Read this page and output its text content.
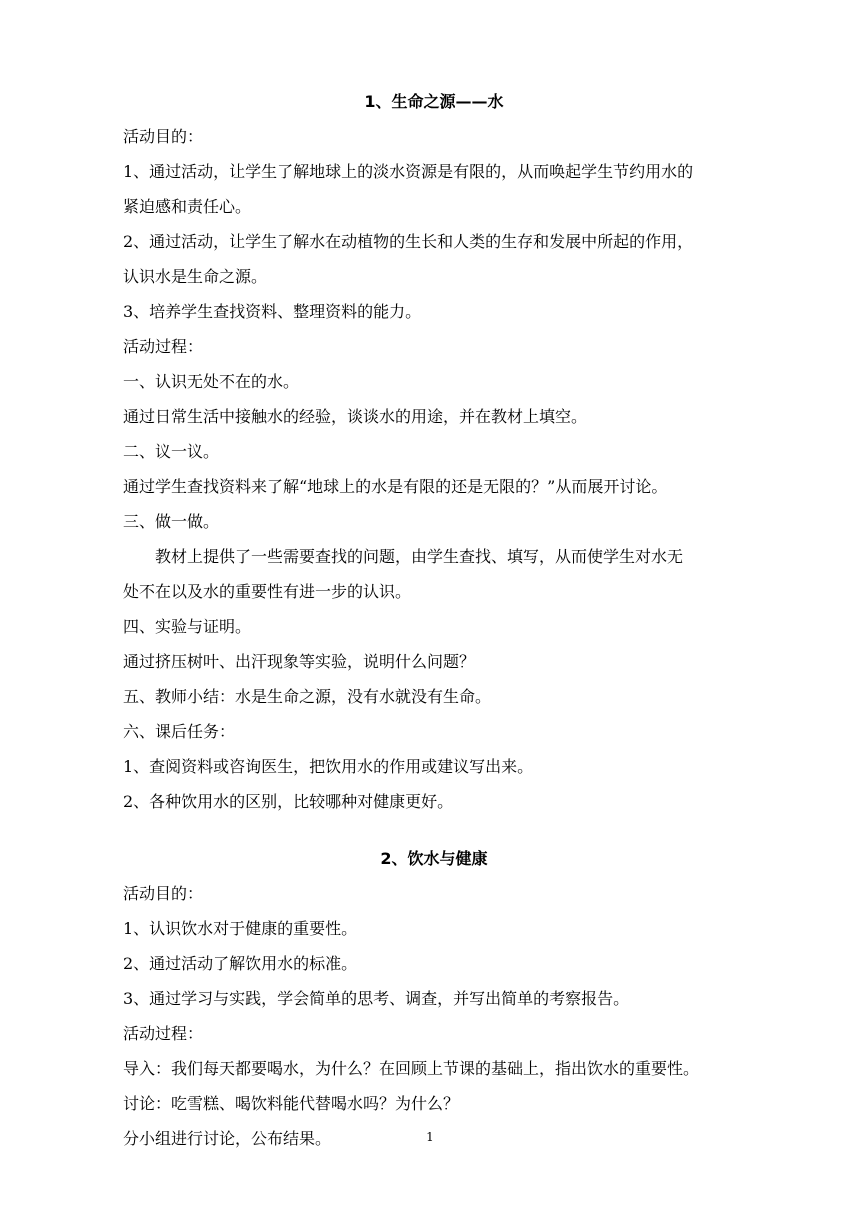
1、生命之源——水
活动目的：
1、通过活动，让学生了解地球上的淡水资源是有限的，从而唤起学生节约用水的
紧迫感和责任心。
2、通过活动，让学生了解水在动植物的生长和人类的生存和发展中所起的作用，
认识水是生命之源。
3、培养学生查找资料、整理资料的能力。
活动过程：
一、认识无处不在的水。
通过日常生活中接触水的经验，谈谈水的用途，并在教材上填空。
二、议一议。
通过学生查找资料来了解“地球上的水是有限的还是无限的？”从而展开讨论。
三、做一做。
教材上提供了一些需要查找的问题，由学生查找、填写，从而使学生对水无
处不在以及水的重要性有进一步的认识。
四、实验与证明。
通过挤压树叶、出汗现象等实验，说明什么问题？
五、教师小结：水是生命之源，没有水就没有生命。
六、课后任务：
1、查阅资料或咨询医生，把饮用水的作用或建议写出来。
2、各种饮用水的区别，比较哪种对健康更好。
2、饮水与健康
活动目的：
1、认识饮水对于健康的重要性。
2、通过活动了解饮用水的标准。
3、通过学习与实践，学会简单的思考、调查，并写出简单的考察报告。
活动过程：
导入：我们每天都要喝水，为什么？在回顾上节课的基础上，指出饮水的重要性。
讨论：吃雪糕、喝饮料能代替喝水吗？为什么？
分小组进行讨论，公布结果。	1
